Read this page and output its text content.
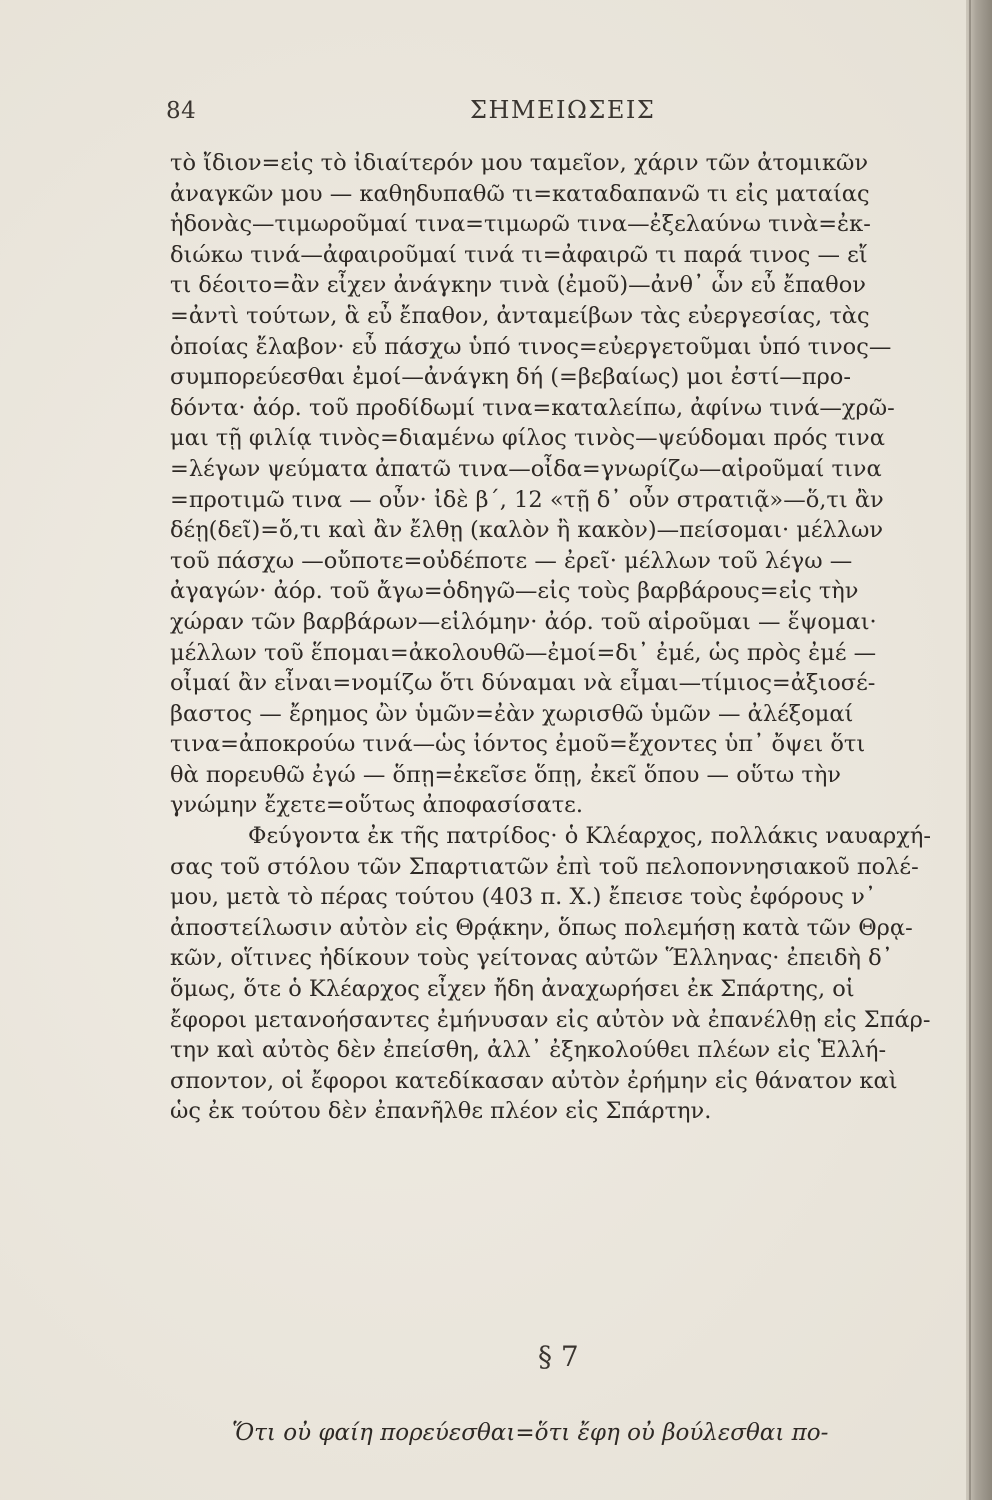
84	ΣΗΜΕΙΩΣΕΙΣ
τὸ ἴδιον=εἰς τὸ ἰδιαίτερόν μου ταμεῖον, χάριν τῶν ἀτομικῶν
ἀναγκῶν μου — καθηδυπαθῶ τι=καταδαπανῶ τι εἰς ματαίας
ἡδονὰς—τιμωροῦμαί τινα=τιμωρῶ τινα—ἐξελαύνω τινὰ=ἐκ-
διώκω τινά—ἀφαιροῦμαί τινά τι=ἀφαιρῶ τι παρά τινος — εἴ
τι δέοιτο=ἂν εἶχεν ἀνάγκην τινὰ (ἐμοῦ)—ἀνθ᾽ ὧν εὖ ἔπαθον
=ἀντὶ τούτων, ἃ εὖ ἔπαθον, ἀνταμείβων τὰς εὐεργεσίας, τὰς
ὁποίας ἔλαβον· εὖ πάσχω ὑπό τινος=εὐεργετοῦμαι ὑπό τινος—
συμπορεύεσθαι ἐμοί—ἀνάγκη δή (=βεβαίως) μοι ἐστί—προ-
δόντα· ἀόρ. τοῦ προδίδωμί τινα=καταλείπω, ἀφίνω τινά—χρῶ-
μαι τῇ φιλίᾳ τινὸς=διαμένω φίλος τινὸς—ψεύδομαι πρός τινα
=λέγων ψεύματα ἀπατῶ τινα—οἶδα=γνωρίζω—αἱροῦμαί τινα
=προτιμῶ τινα — οὖν· ἰδὲ β΄, 12 «τῇ δ᾽ οὖν στρατιᾷ»—ὅ,τι ἂν
δέῃ(δεῖ)=ὅ,τι καὶ ἂν ἔλθῃ (καλὸν ἢ κακὸν)—πείσομαι· μέλλων
τοῦ πάσχω —οὔποτε=οὐδέποτε — ἐρεῖ· μέλλων τοῦ λέγω —
ἀγαγών· ἀόρ. τοῦ ἄγω=ὁδηγῶ—εἰς τοὺς βαρβάρους=εἰς τὴν
χώραν τῶν βαρβάρων—εἱλόμην· ἀόρ. τοῦ αἱροῦμαι — ἕψομαι·
μέλλων τοῦ ἕπομαι=ἀκολουθῶ—ἐμοί=δι᾽ ἐμέ, ὡς πρὸς ἐμέ —
οἶμαί ἂν εἶναι=νομίζω ὅτι δύναμαι νὰ εἶμαι—τίμιος=ἀξιοσέ-
βαστος — ἔρημος ὢν ὑμῶν=ἐὰν χωρισθῶ ὑμῶν — ἀλέξομαί
τινα=ἀποκρούω τινά—ὡς ἰόντος ἐμοῦ=ἔχοντες ὑπ᾽ ὄψει ὅτι
θὰ πορευθῶ ἐγώ — ὅπῃ=ἐκεῖσε ὅπῃ, ἐκεῖ ὅπου — οὕτω τὴν
γνώμην ἔχετε=οὕτως ἀποφασίσατε.
Φεύγοντα ἐκ τῆς πατρίδος· ὁ Κλέαρχος, πολλάκις ναυαρχή-
σας τοῦ στόλου τῶν Σπαρτιατῶν ἐπὶ τοῦ πελοποννησιακοῦ πολέ-
μου, μετὰ τὸ πέρας τούτου (403 π. Χ.) ἔπεισε τοὺς ἐφόρους ν᾽
ἀποστείλωσιν αὐτὸν εἰς Θρᾴκην, ὅπως πολεμήσῃ κατὰ τῶν Θρᾳ-
κῶν, οἵτινες ἠδίκουν τοὺς γείτονας αὐτῶν Ἕλληνας· ἐπειδὴ δ᾽
ὅμως, ὅτε ὁ Κλέαρχος εἶχεν ἤδη ἀναχωρήσει ἐκ Σπάρτης, οἱ
ἔφοροι μετανοήσαντες ἐμήνυσαν εἰς αὐτὸν νὰ ἐπανέλθῃ εἰς Σπάρ-
την καὶ αὐτὸς δὲν ἐπείσθη, ἀλλ᾽ ἐξηκολούθει πλέων εἰς Ἑλλή-
σποντον, οἱ ἔφοροι κατεδίκασαν αὐτὸν ἐρήμην εἰς θάνατον καὶ
ὡς ἐκ τούτου δὲν ἐπανῆλθε πλέον εἰς Σπάρτην.
§ 7
Ὅτι οὐ φαίη πορεύεσθαι=ὅτι ἔφη οὐ βούλεσθαι πο-
